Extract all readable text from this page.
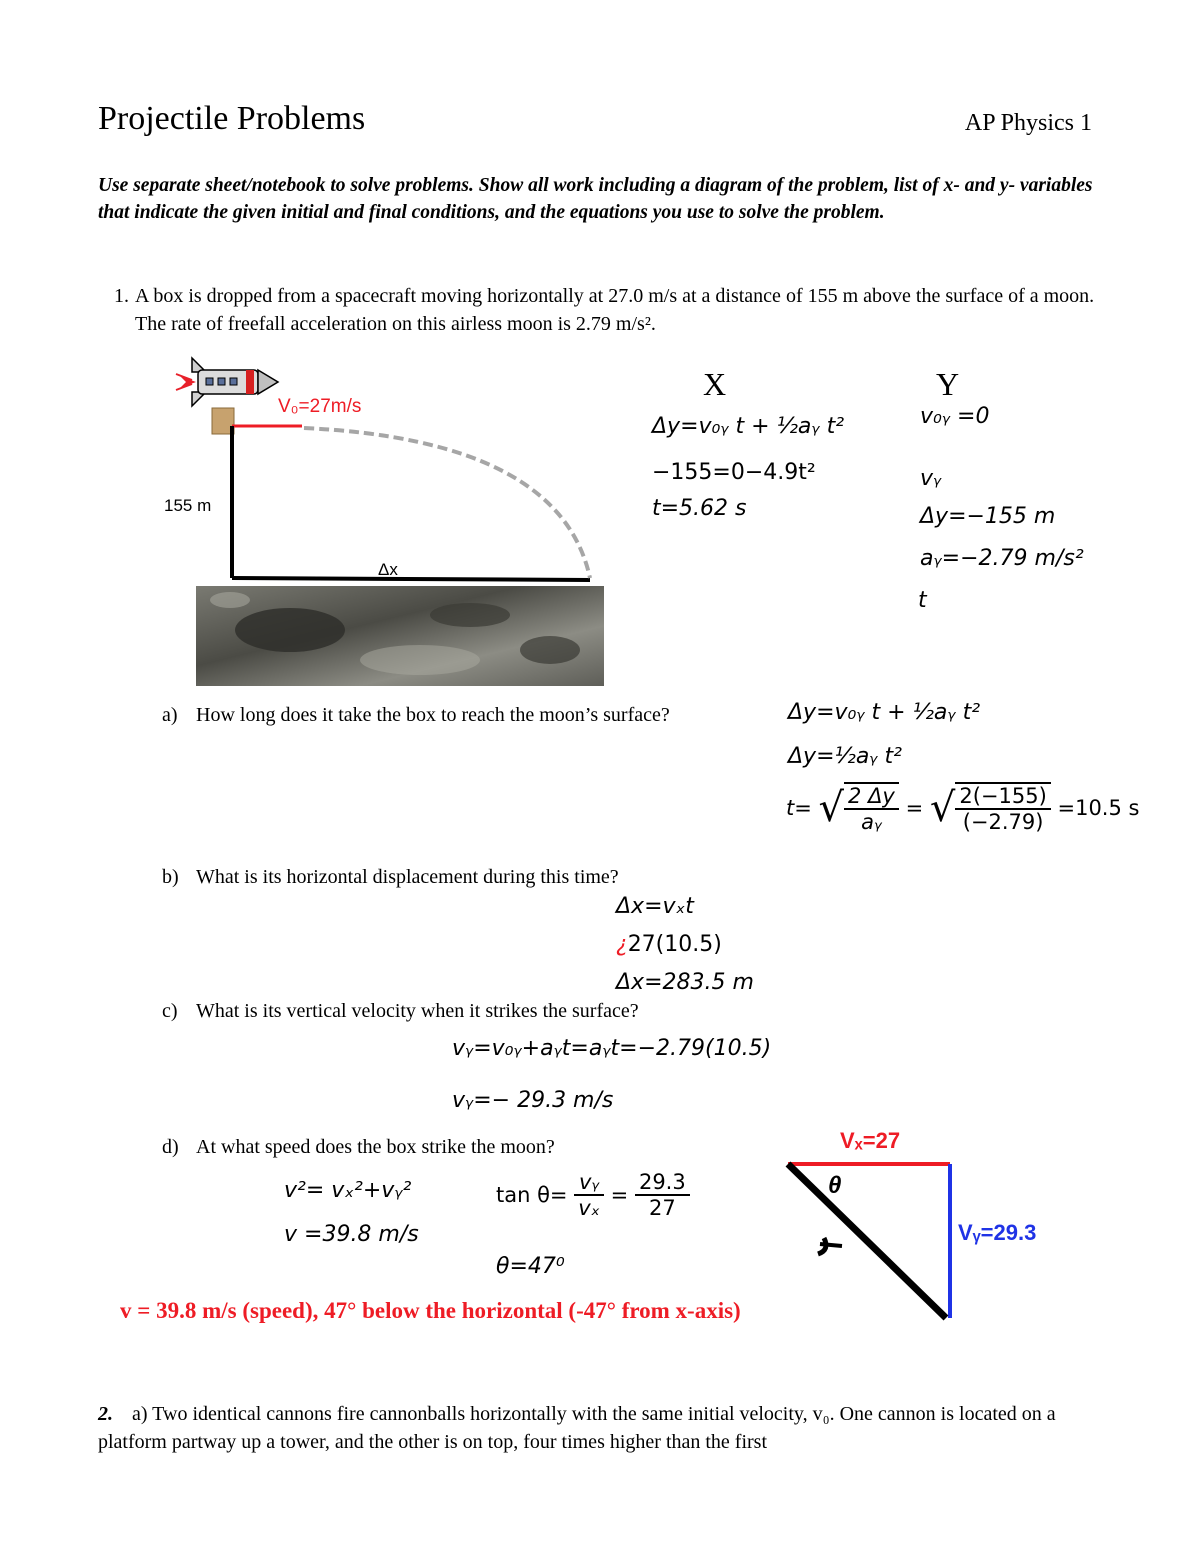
Projectile Problems	AP Physics 1
Use separate sheet/notebook to solve problems. Show all work including a diagram of the problem, list of x- and y- variables that indicate the given initial and final conditions, and the equations you use to solve the problem.
1. A box is dropped from a spacecraft moving horizontally at 27.0 m/s at a distance of 155 m above the surface of a moon. The rate of freefall acceleration on this airless moon is 2.79 m/s².
V₀=27m/s
155 m
Δx
X
Δy=v₀ᵧ t + ½aᵧ t²
−155=0−4.9t²
t=5.62 s
Y
v₀ᵧ =0
vᵧ
Δy=−155 m
aᵧ=−2.79 m/s²
t
a) How long does it take the box to reach the moon’s surface?	Δy=v₀ᵧ t + ½aᵧ t²
Δy=½aᵧ t²
t= √ $\frac{2 \Delta y}{\text{aᵧ}}$ = √ $\frac{2(-155)}{(-2.79)} =10.5$ s
b) What is its horizontal displacement during this time?
Δx=vₓt
¿27(10.5)
Δx=283.5 m
c) What is its vertical velocity when it strikes the surface?
vᵧ=v₀ᵧ+aᵧt=aᵧt=−2.79(10.5)
vᵧ=− 29.3 m/s
d) At what speed does the box strike the moon?
v²= vₓ²+vᵧ²
v =39.8 m/s
$\tan \theta= \frac{\text{vᵧ}}{\text{vₓ}} = \frac{29.3}{27}$
θ=47⁰
Vₓ=27
θ
Vᵧ=29.3
v = 39.8 m/s (speed), 47° below the horizontal (-47° from x-axis)
2. a) Two identical cannons fire cannonballs horizontally with the same initial velocity, v₀. One cannon is located on a platform partway up a tower, and the other is on top, four times higher than the first
